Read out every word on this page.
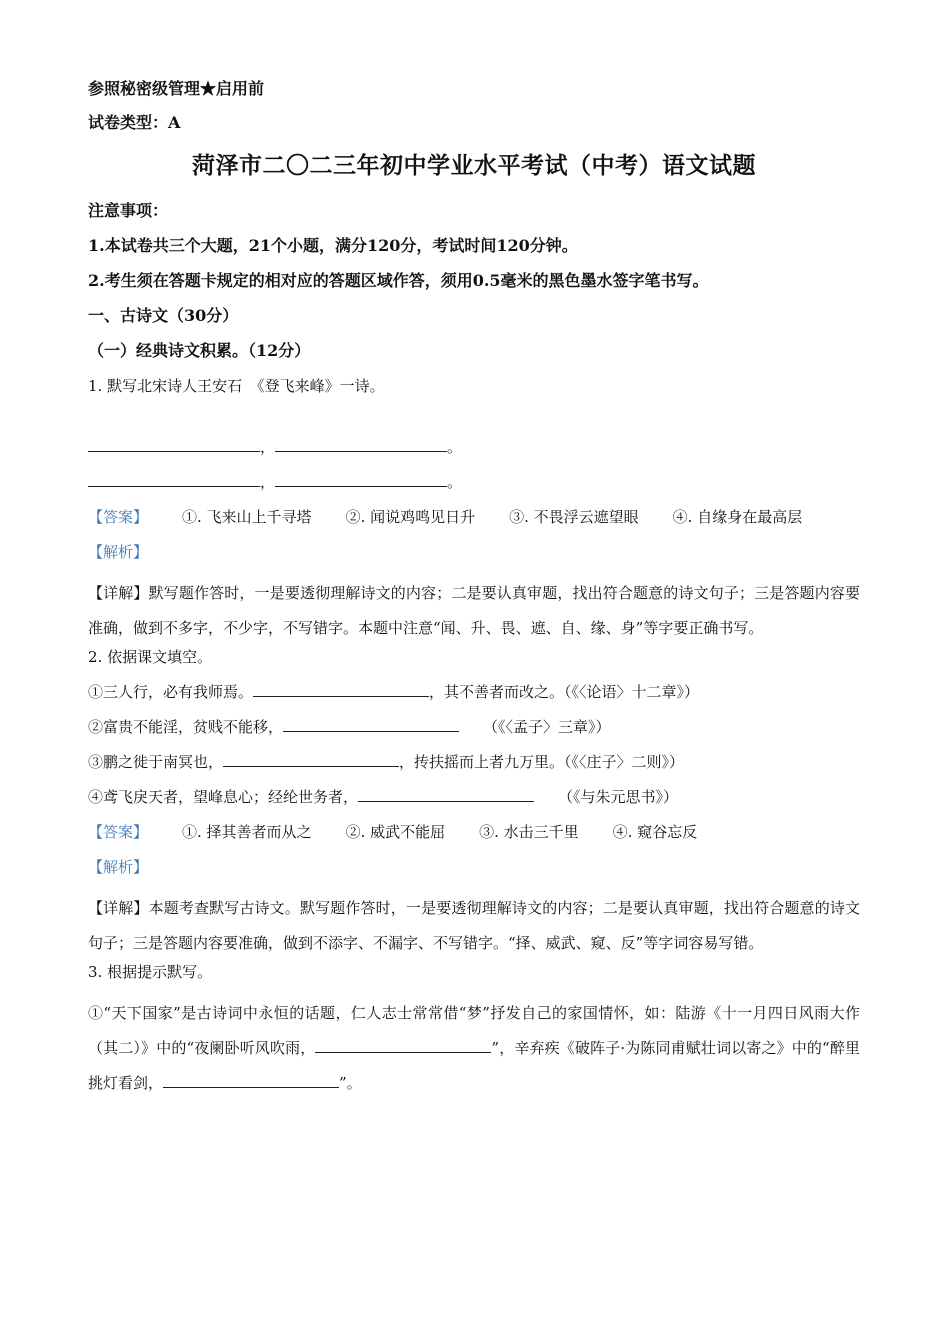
参照秘密级管理★启用前
试卷类型：A
菏泽市二〇二三年初中学业水平考试（中考）语文试题
注意事项：
1.本试卷共三个大题，21个小题，满分120分，考试时间120分钟。
2.考生须在答题卡规定的相对应的答题区域作答，须用0.5毫米的黑色墨水签字笔书写。
一、古诗文（30分）
（一）经典诗文积累。（12分）
1. 默写北宋诗人王安石　《登飞来峰》一诗。
，	。
，	。
【答案】 ①. 飞来山上千寻塔 ②. 闻说鸡鸣见日升 ③. 不畏浮云遮望眼 ④. 自缘身在最高层
【解析】
【详解】默写题作答时，一是要透彻理解诗文的内容；二是要认真审题，找出符合题意的诗文句子；三是答题内容要准确，做到不多字，不少字，不写错字。本题中注意“闻、升、畏、遮、自、缘、身”等字要正确书写。
2. 依据课文填空。
①三人行，必有我师焉。	，其不善者而改之。（《〈论语〉十二章》）
②富贵不能淫，贫贱不能移，	（《〈孟子〉三章》）
③鹏之徙于南冥也，	，抟扶摇而上者九万里。（《〈庄子〉二则》）
④鸢飞戾天者，望峰息心；经纶世务者，	（《与朱元思书》）
【答案】 ①. 择其善者而从之 ②. 威武不能屈 ③. 水击三千里 ④. 窥谷忘反
【解析】
【详解】本题考查默写古诗文。默写题作答时，一是要透彻理解诗文的内容；二是要认真审题，找出符合题意的诗文句子；三是答题内容要准确，做到不添字、不漏字、不写错字。“择、威武、窥、反”等字词容易写错。
3. 根据提示默写。
①“天下国家”是古诗词中永恒的话题，仁人志士常常借“梦”抒发自己的家国情怀，如：陆游《十一月四日风雨大作（其二）》中的“夜阑卧听风吹雨，	”，辛弃疾《破阵子·为陈同甫赋壮词以寄之》中的“醉里挑灯看剑，	”。
